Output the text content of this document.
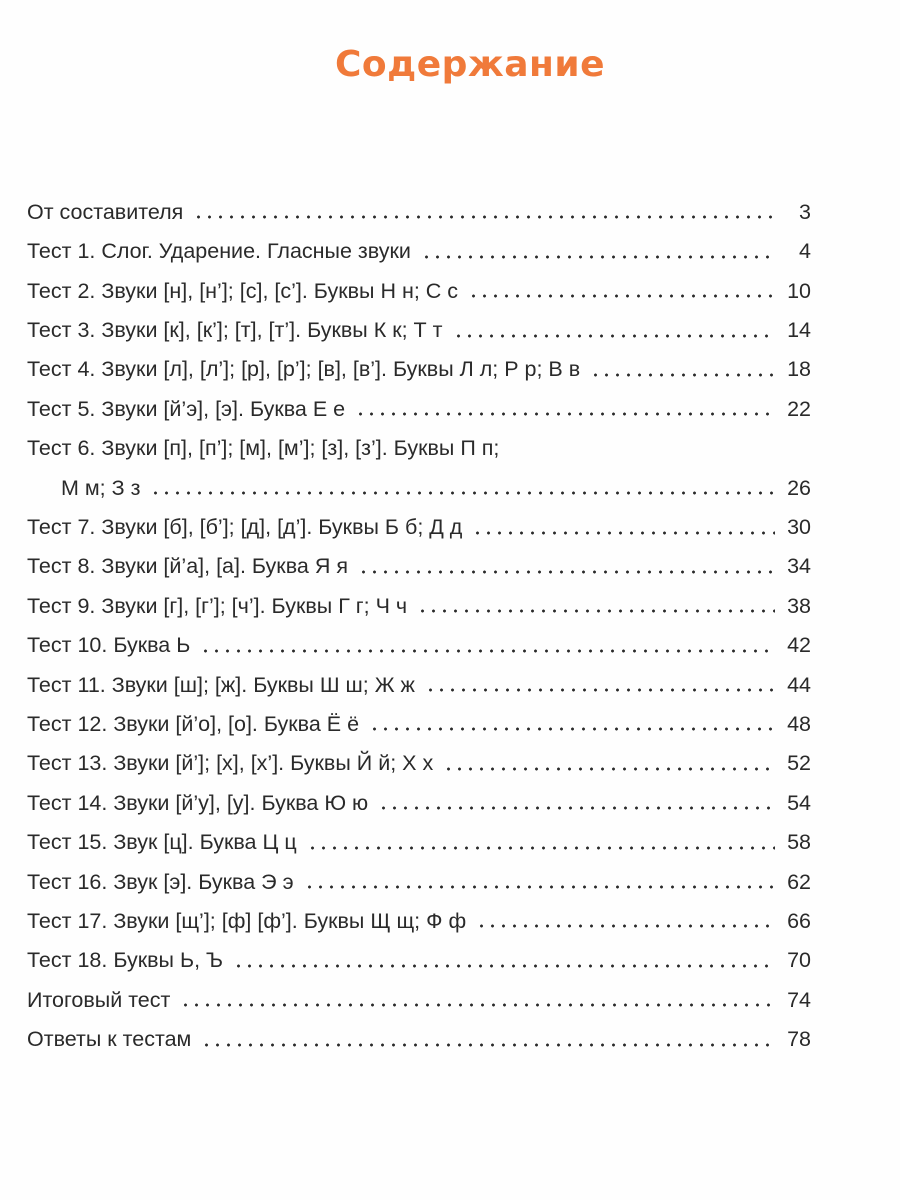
Содержание
От составителя	3
Тест 1. Слог. Ударение. Гласные звуки	4
Тест 2. Звуки [н], [н’]; [с], [с’]. Буквы Н н; С с	10
Тест 3. Звуки [к], [к’]; [т], [т’]. Буквы К к; Т т	14
Тест 4. Звуки [л], [л’]; [р], [р’]; [в], [в’]. Буквы Л л; Р р; В в	18
Тест 5. Звуки [й’э], [э]. Буква Е е	22
Тест 6. Звуки [п], [п’]; [м], [м’]; [з], [з’]. Буквы П п;
М м; З з	26
Тест 7. Звуки [б], [б’]; [д], [д’]. Буквы Б б; Д д	30
Тест 8. Звуки [й’а], [а]. Буква Я я	34
Тест 9. Звуки [г], [г’]; [ч’]. Буквы Г г; Ч ч	38
Тест 10. Буква Ь	42
Тест 11. Звуки [ш]; [ж]. Буквы Ш ш; Ж ж	44
Тест 12. Звуки [й’о], [о]. Буква Ё ё	48
Тест 13. Звуки [й’]; [х], [х’]. Буквы Й й; Х х	52
Тест 14. Звуки [й’у], [у]. Буква Ю ю	54
Тест 15. Звук [ц]. Буква Ц ц	58
Тест 16. Звук [э]. Буква Э э	62
Тест 17. Звуки [щ’]; [ф] [ф’]. Буквы Щ щ; Ф ф	66
Тест 18. Буквы Ь, Ъ	70
Итоговый тест	74
Ответы к тестам	78
